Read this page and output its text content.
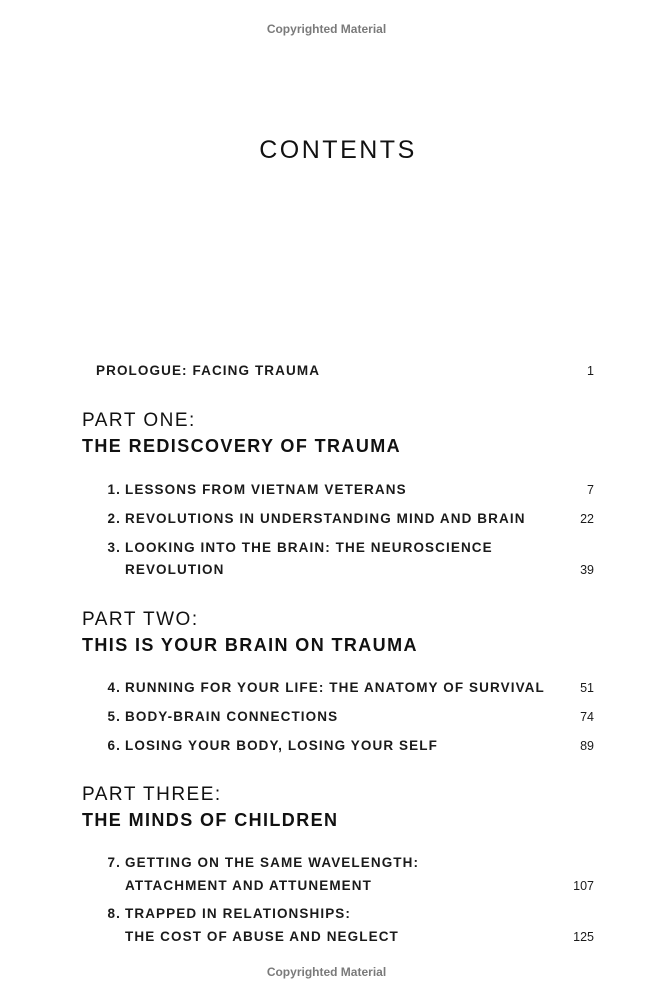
Copyrighted Material
CONTENTS
PROLOGUE: FACING TRAUMA	1
PART ONE:
THE REDISCOVERY OF TRAUMA
1. LESSONS FROM VIETNAM VETERANS	7
2. REVOLUTIONS IN UNDERSTANDING MIND AND BRAIN	22
3. LOOKING INTO THE BRAIN: THE NEUROSCIENCE
REVOLUTION	39
PART TWO:
THIS IS YOUR BRAIN ON TRAUMA
4. RUNNING FOR YOUR LIFE: THE ANATOMY OF SURVIVAL	51
5. BODY-BRAIN CONNECTIONS	74
6. LOSING YOUR BODY, LOSING YOUR SELF	89
PART THREE:
THE MINDS OF CHILDREN
7. GETTING ON THE SAME WAVELENGTH:
ATTACHMENT AND ATTUNEMENT	107
8. TRAPPED IN RELATIONSHIPS:
THE COST OF ABUSE AND NEGLECT	125
Copyrighted Material
